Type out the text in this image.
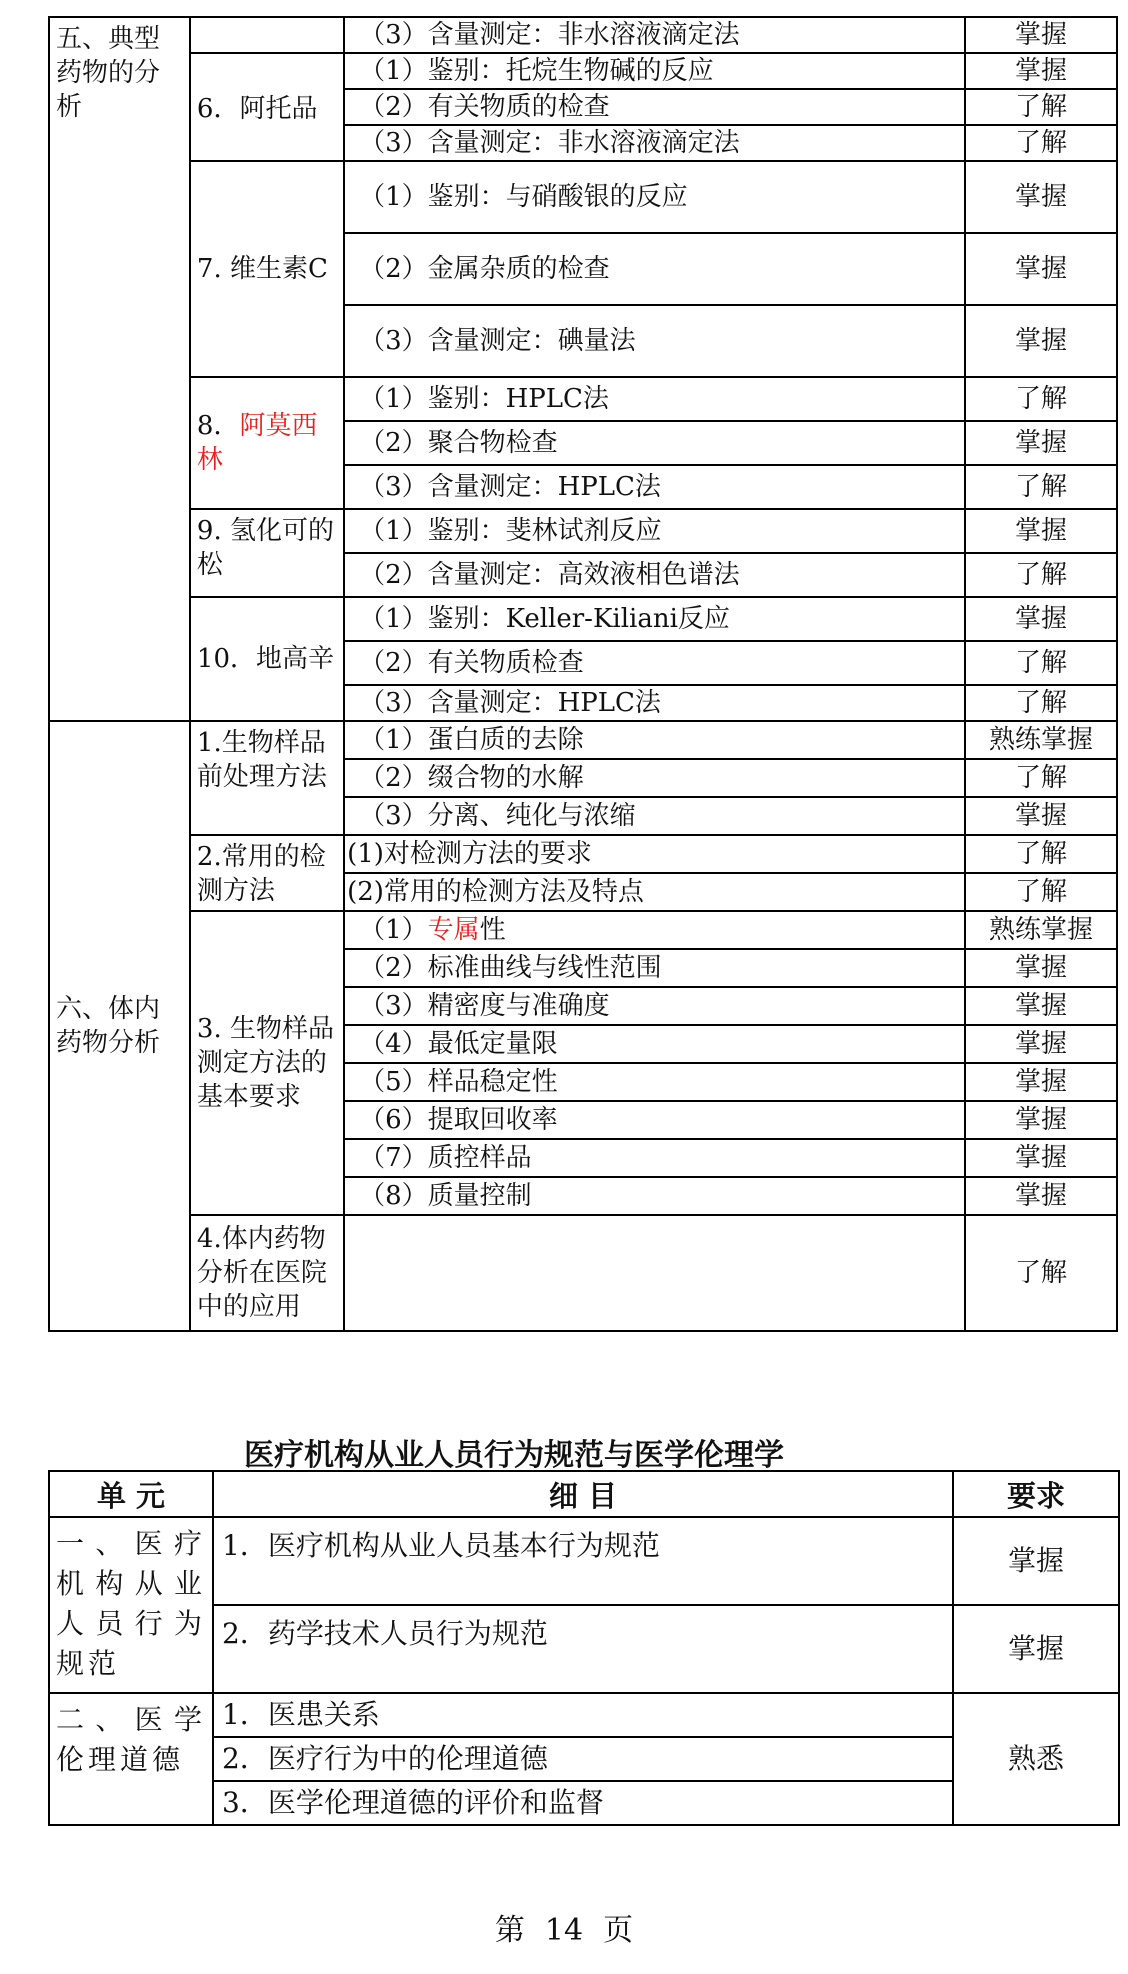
五、典型药物的分析		（3）含量测定：非水溶液滴定法	掌握
	6．阿托品	（1）鉴别：托烷生物碱的反应	掌握
		（2）有关物质的检查	了解
		（3）含量测定：非水溶液滴定法	了解
	7. 维生素C	（1）鉴别：与硝酸银的反应	掌握
		（2）金属杂质的检查	掌握
		（3）含量测定：碘量法	掌握
	8．阿莫西林	（1）鉴别：HPLC法	了解
		（2）聚合物检查	掌握
		（3）含量测定：HPLC法	了解
	9. 氢化可的松	（1）鉴别：斐林试剂反应	掌握
		（2）含量测定：高效液相色谱法	了解
	10．地高辛	（1）鉴别：Keller-Kiliani反应	掌握
		（2）有关物质检查	了解
		（3）含量测定：HPLC法	了解
六、体内药物分析	1.生物样品前处理方法	（1）蛋白质的去除	熟练掌握
		（2）缀合物的水解	了解
		（3）分离、纯化与浓缩	掌握
	2.常用的检测方法	(1)对检测方法的要求	了解
		(2)常用的检测方法及特点	了解
	3. 生物样品测定方法的基本要求	（1）专属性	熟练掌握
		（2）标准曲线与线性范围	掌握
		（3）精密度与准确度	掌握
		（4）最低定量限	掌握
		（5）样品稳定性	掌握
		（6）提取回收率	掌握
		（7）质控样品	掌握
		（8）质量控制	掌握
	4.体内药物分析在医院中的应用		了解
医疗机构从业人员行为规范与医学伦理学
单 元	细 目	要求
一、医疗机构从业人员行为规范	1．医疗机构从业人员基本行为规范	掌握
	2．药学技术人员行为规范	掌握
二、医学伦理道德	1．医患关系	熟悉
	2．医疗行为中的伦理道德	
	3．医学伦理道德的评价和监督	
第 14 页
